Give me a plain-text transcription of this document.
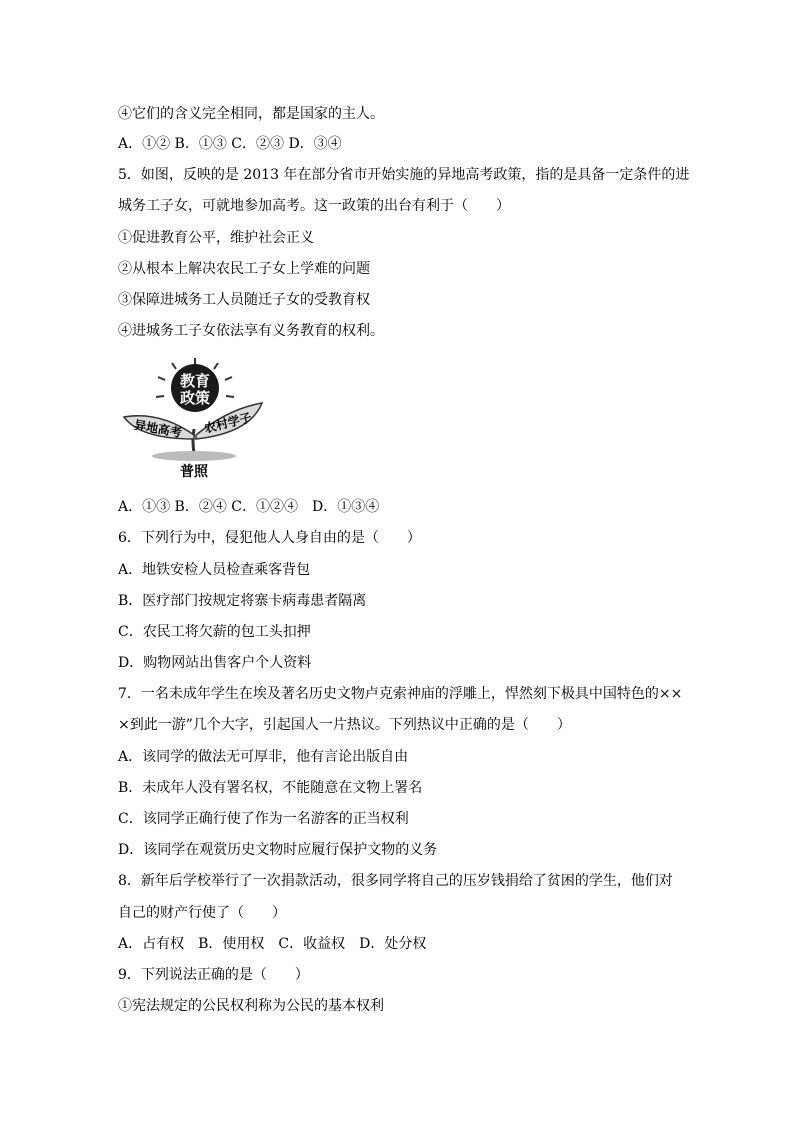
④它们的含义完全相同，都是国家的主人。
A．①② B．①③ C．②③ D．③④
5．如图，反映的是 2013 年在部分省市开始实施的异地高考政策，指的是具备一定条件的进
城务工子女，可就地参加高考。这一政策的出台有利于（　　）
①促进教育公平，维护社会正义
②从根本上解决农民工子女上学难的问题
③保障进城务工人员随迁子女的受教育权
④进城务工子女依法享有义务教育的权利。
A．①③ B．②④ C．①②④　D．①③④
6．下列行为中，侵犯他人人身自由的是（　　）
A．地铁安检人员检查乘客背包
B．医疗部门按规定将寨卡病毒患者隔离
C．农民工将欠薪的包工头扣押
D．购物网站出售客户个人资料
7．一名未成年学生在埃及著名历史文物卢克索神庙的浮雕上，悍然刻下极具中国特色的××
×到此一游”几个大字，引起国人一片热议。下列热议中正确的是（　　）
A．该同学的做法无可厚非，他有言论出版自由
B．未成年人没有署名权，不能随意在文物上署名
C．该同学正确行使了作为一名游客的正当权利
D．该同学在观赏历史文物时应履行保护文物的义务
8．新年后学校举行了一次捐款活动，很多同学将自己的压岁钱捐给了贫困的学生，他们对
自己的财产行使了（　　）
A．占有权　B．使用权　C．收益权　D．处分权
9．下列说法正确的是（　　）
①宪法规定的公民权利称为公民的基本权利
教育
政策
异地高考 农村学子
普照
